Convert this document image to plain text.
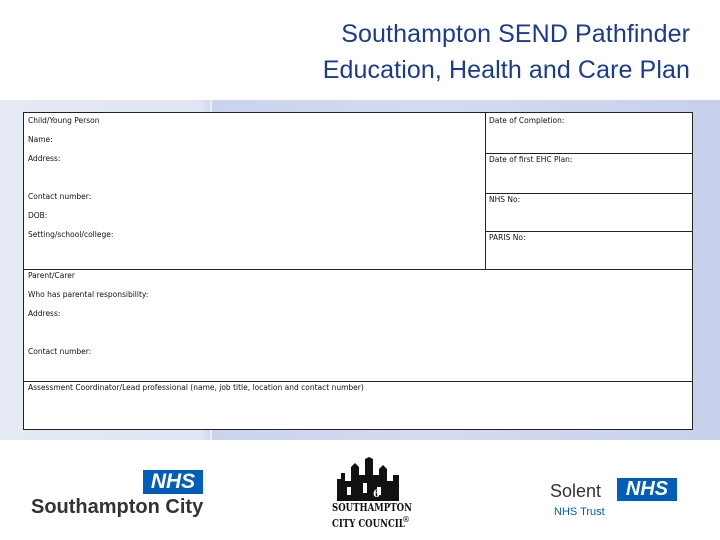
Southampton SEND Pathfinder
Education, Health and Care Plan
Child/Young Person
Name:
Address:
Contact number:
DOB:
Setting/school/college:
Date of Completion:
Date of first EHC Plan:
NHS No:
PARIS No:
Parent/Carer
Who has parental responsibility:
Address:
Contact number:
Assessment Coordinator/Lead professional (name, job title, location and contact number)
NHS
Southampton City
6
SOUTHAMPTON
CITY COUNCIL
®
Solent	NHS
NHS Trust
